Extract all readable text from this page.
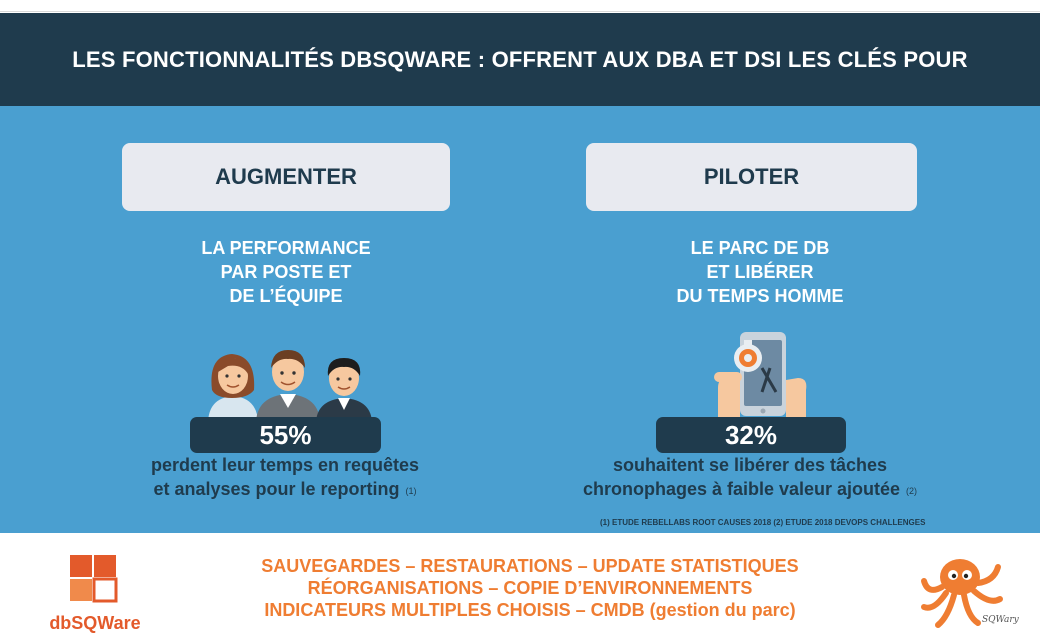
LES FONCTIONNALITÉS DBSQWARE : OFFRENT AUX DBA ET DSI LES CLÉS POUR
AUGMENTER	PILOTER
LA PERFORMANCE
PAR POSTE ET
DE L’ÉQUIPE
LE PARC DE DB
ET LIBÉRER
DU TEMPS HOMME
55%	32%
perdent leur temps en requêtes
et analyses pour le reporting (1)
souhaitent se libérer des tâches
chronophages à faible valeur ajoutée (2)
(1) ETUDE REBELLABS ROOT CAUSES 2018 (2) ETUDE 2018 DEVOPS CHALLENGES
dbSQWare
SAUVEGARDES – RESTAURATIONS – UPDATE STATISTIQUES
RÉORGANISATIONS – COPIE D’ENVIRONNEMENTS
INDICATEURS MULTIPLES CHOISIS – CMDB (gestion du parc)	SQWary
